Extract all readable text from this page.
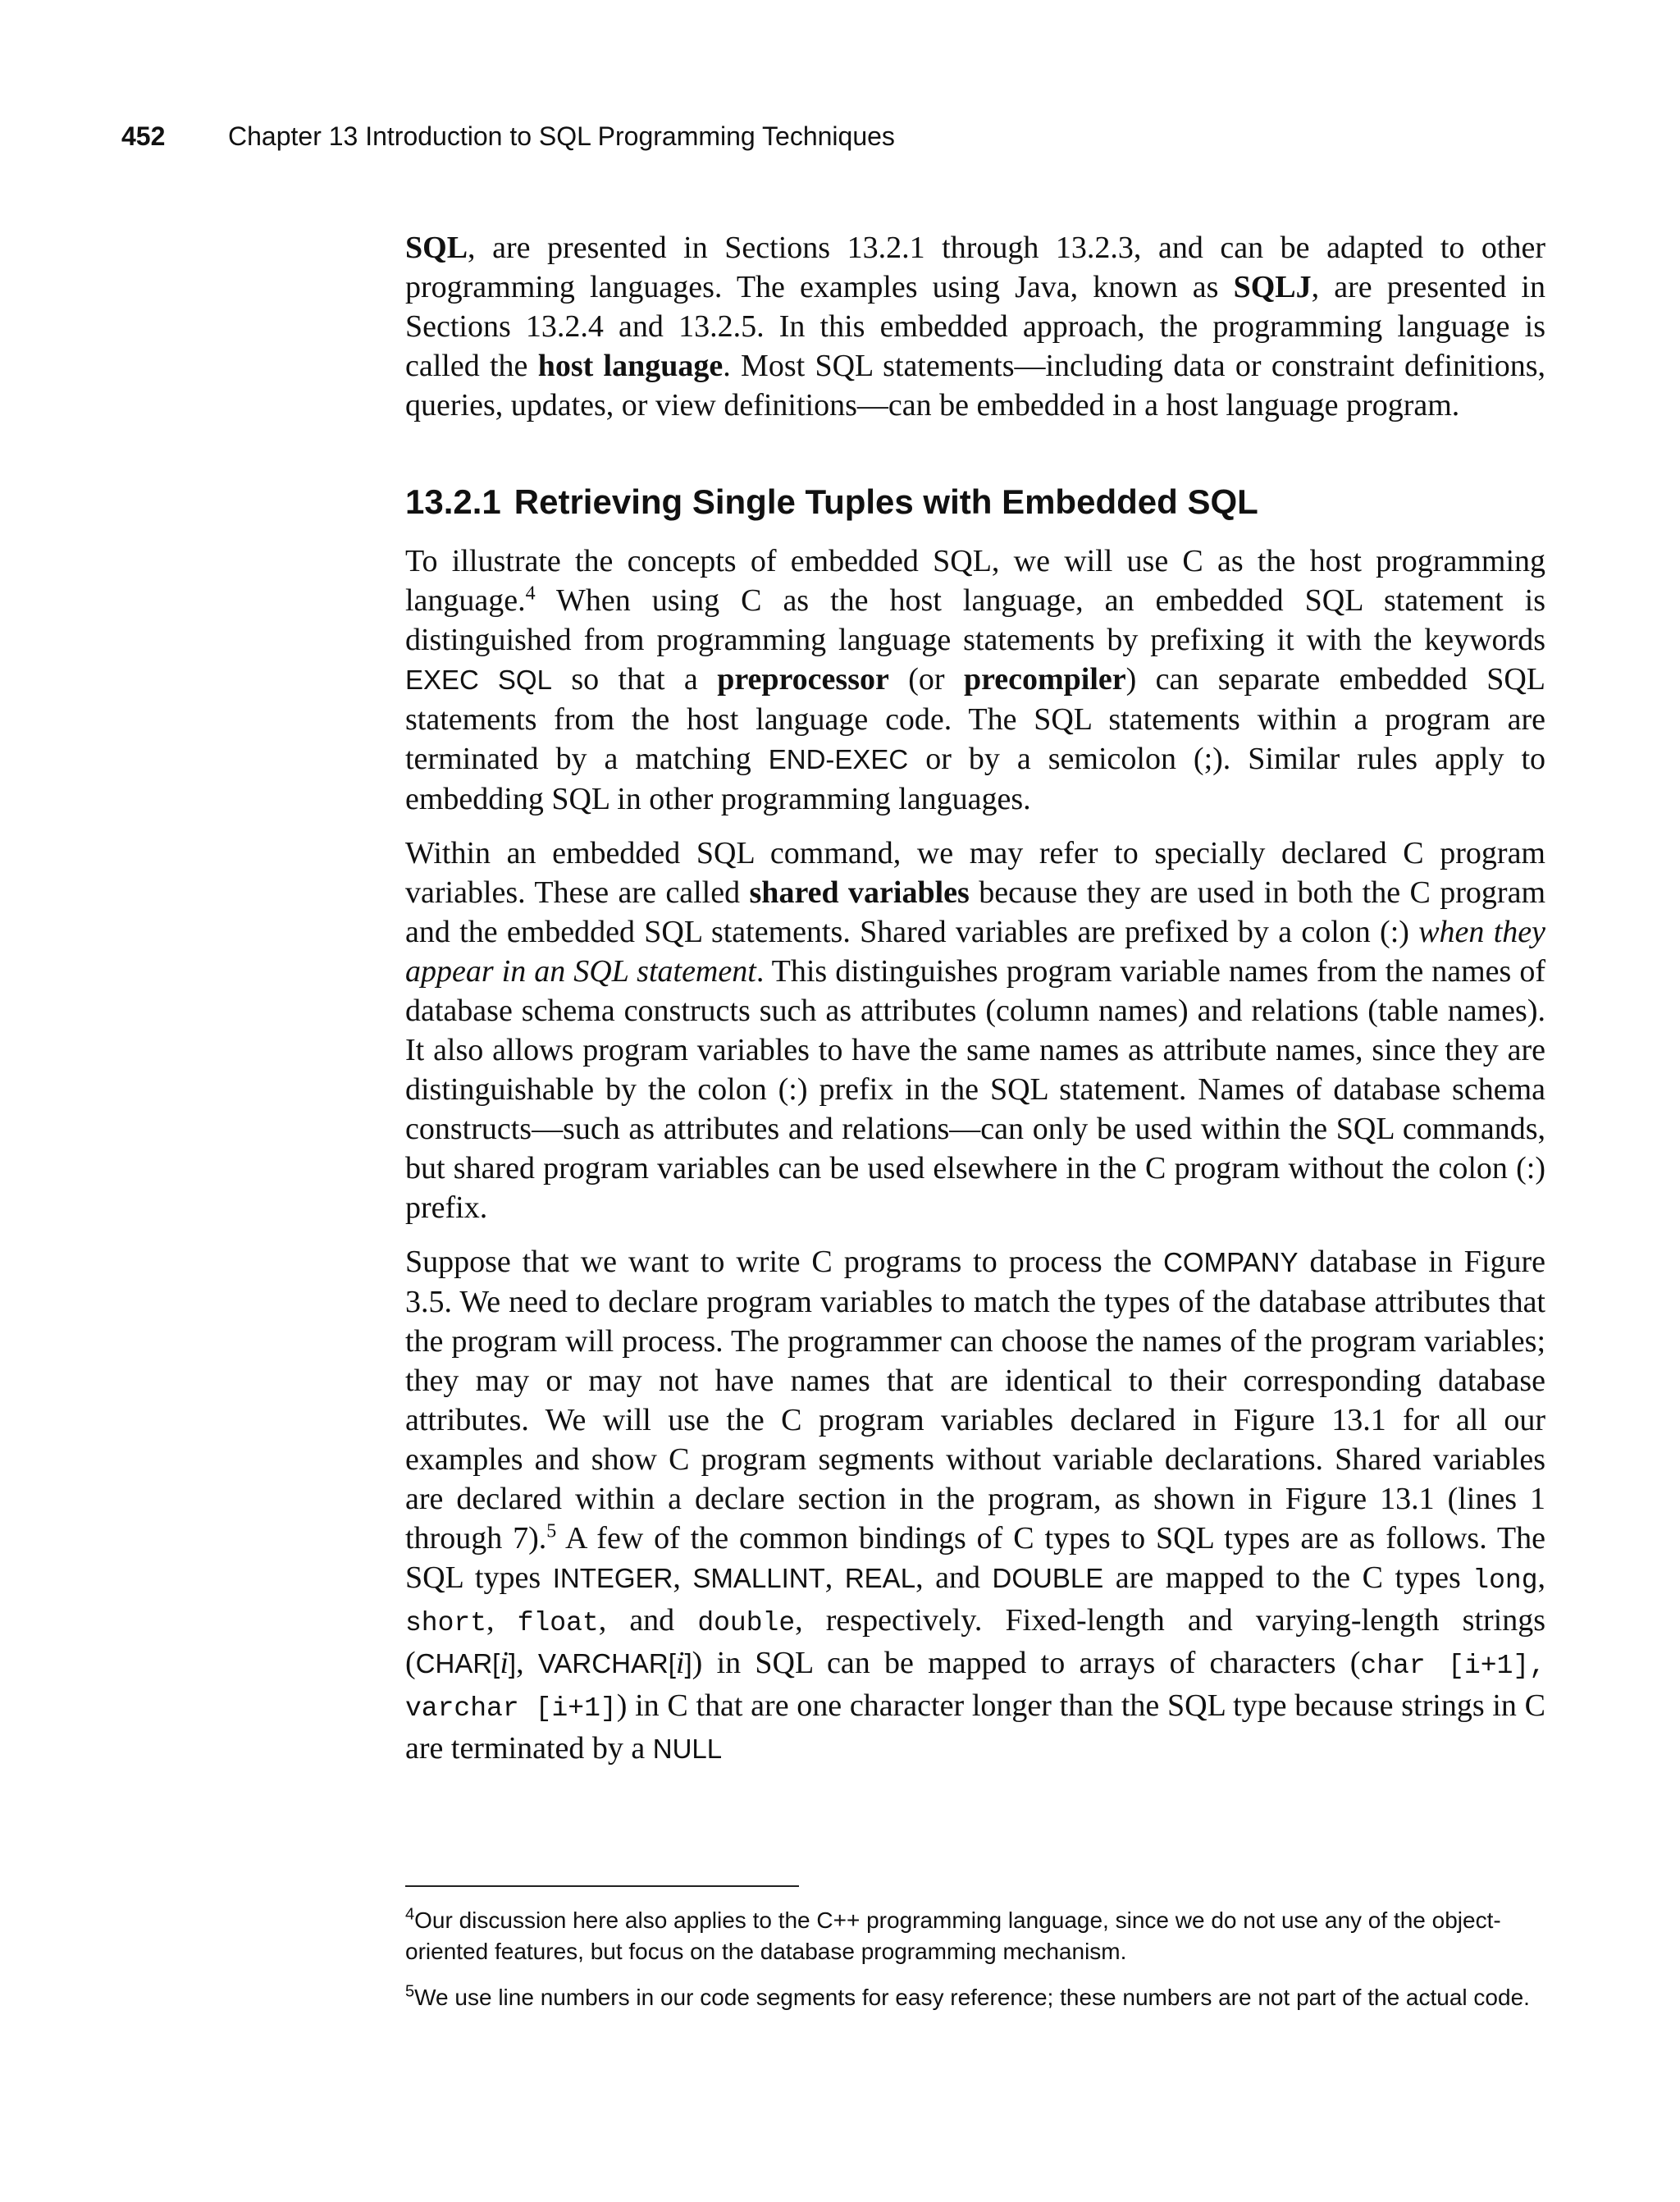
452 Chapter 13 Introduction to SQL Programming Techniques

SQL, are presented in Sections 13.2.1 through 13.2.3, and can be adapted to other programming languages. The examples using Java, known as SQLJ, are presented in Sections 13.2.4 and 13.2.5. In this embedded approach, the programming language is called the host language. Most SQL statements—including data or constraint definitions, queries, updates, or view definitions—can be embedded in a host language program.

13.2.1 Retrieving Single Tuples with Embedded SQL

To illustrate the concepts of embedded SQL, we will use C as the host programming language.$^4$ When using C as the host language, an embedded SQL statement is distinguished from programming language statements by prefixing it with the keywords EXEC SQL so that a preprocessor (or precompiler) can separate embedded SQL statements from the host language code. The SQL statements within a program are terminated by a matching END-EXEC or by a semicolon (;). Similar rules apply to embedding SQL in other programming languages.

Within an embedded SQL command, we may refer to specially declared C program variables. These are called shared variables because they are used in both the C program and the embedded SQL statements. Shared variables are prefixed by a colon (:) when they appear in an SQL statement. This distinguishes program variable names from the names of database schema constructs such as attributes (column names) and relations (table names). It also allows program variables to have the same names as attribute names, since they are distinguishable by the colon (:) prefix in the SQL statement. Names of database schema constructs—such as attributes and relations—can only be used within the SQL commands, but shared program variables can be used elsewhere in the C program without the colon (:) prefix.

Suppose that we want to write C programs to process the COMPANY database in Figure 3.5. We need to declare program variables to match the types of the database attributes that the program will process. The programmer can choose the names of the program variables; they may or may not have names that are identical to their corresponding database attributes. We will use the C program variables declared in Figure 13.1 for all our examples and show C program segments without variable declarations. Shared variables are declared within a declare section in the program, as shown in Figure 13.1 (lines 1 through 7).$^5$ A few of the common bindings of C types to SQL types are as follows. The SQL types INTEGER, SMALLINT, REAL, and DOUBLE are mapped to the C types long, short, float, and double, respectively. Fixed-length and varying-length strings (CHAR[i], VARCHAR[i]) in SQL can be mapped to arrays of characters (char [i+1], varchar [i+1]) in C that are one character longer than the SQL type because strings in C are terminated by a NULL

$^4$Our discussion here also applies to the C++ programming language, since we do not use any of the object-oriented features, but focus on the database programming mechanism.

$^5$We use line numbers in our code segments for easy reference; these numbers are not part of the actual code.
